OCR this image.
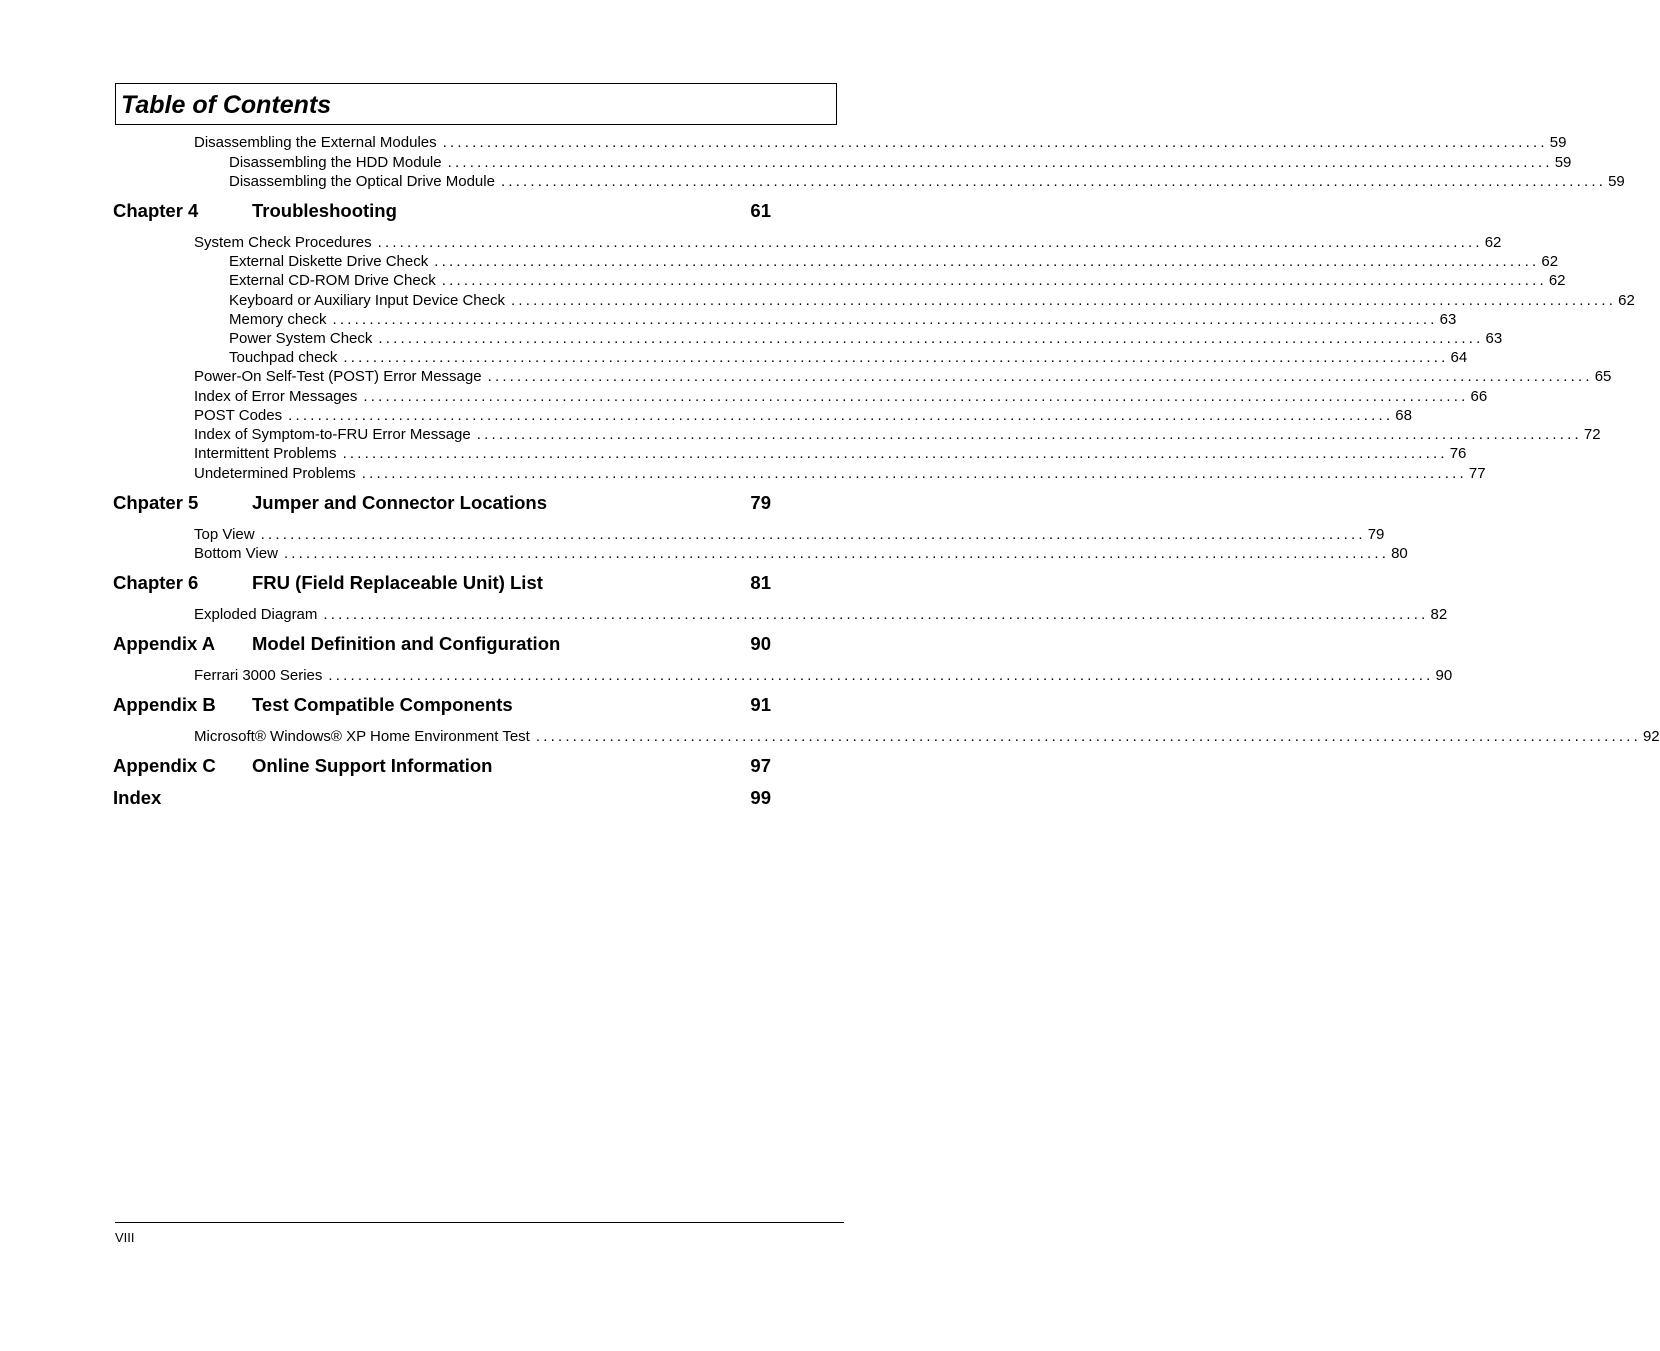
Table of Contents
Disassembling the External Modules ...................................................................................................................................................... 59
Disassembling the HDD Module ...................................................................................................................................................... 59
Disassembling the Optical Drive Module ...................................................................................................................................................... 59
Chapter 4	Troubleshooting	61
System Check Procedures ...................................................................................................................................................... 62
External Diskette Drive Check ...................................................................................................................................................... 62
External CD-ROM Drive Check ...................................................................................................................................................... 62
Keyboard or Auxiliary Input Device Check ...................................................................................................................................................... 62
Memory check ...................................................................................................................................................... 63
Power System Check ...................................................................................................................................................... 63
Touchpad check ...................................................................................................................................................... 64
Power-On Self-Test (POST) Error Message ...................................................................................................................................................... 65
Index of Error Messages ...................................................................................................................................................... 66
POST Codes ...................................................................................................................................................... 68
Index of Symptom-to-FRU Error Message ...................................................................................................................................................... 72
Intermittent Problems ...................................................................................................................................................... 76
Undetermined Problems ...................................................................................................................................................... 77
Chpater 5	Jumper and Connector Locations	79
Top View ...................................................................................................................................................... 79
Bottom View ...................................................................................................................................................... 80
Chapter 6	FRU (Field Replaceable Unit) List	81
Exploded Diagram ...................................................................................................................................................... 82
Appendix A Model Definition and Configuration	90
Ferrari 3000 Series ...................................................................................................................................................... 90
Appendix B Test Compatible Components	91
Microsoft® Windows® XP Home Environment Test ...................................................................................................................................................... 92
Appendix C Online Support Information	97
Index	99
VIII
